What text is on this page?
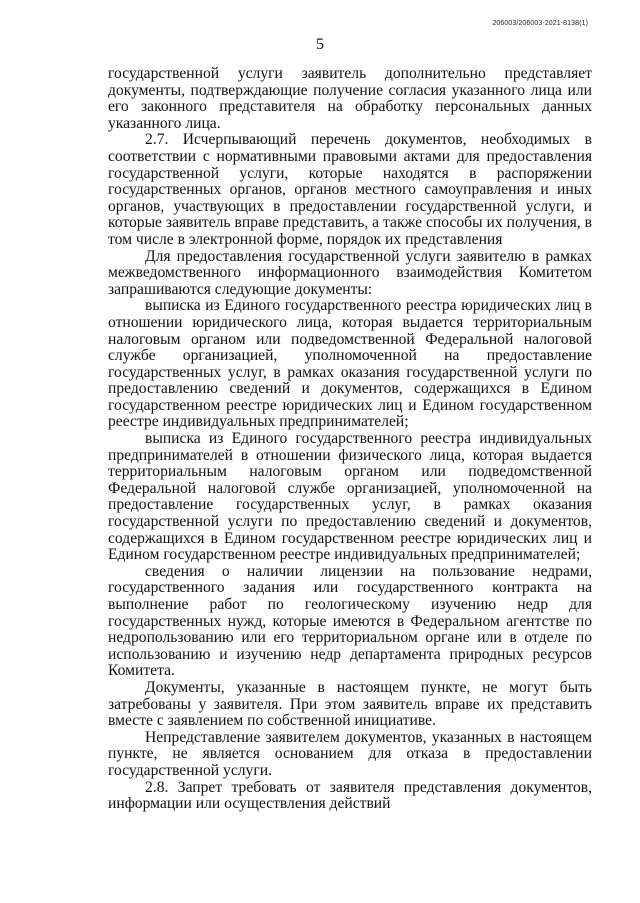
206003/206003-2021-8138(1)
5

государственной услуги заявитель дополнительно представляет документы, подтверждающие получение согласия указанного лица или его законного представителя на обработку персональных данных указанного лица.

2.7. Исчерпывающий перечень документов, необходимых в соответствии с нормативными правовыми актами для предоставления государственной услуги, которые находятся в распоряжении государственных органов, органов местного самоуправления и иных органов, участвующих в предоставлении государственной услуги, и которые заявитель вправе представить, а также способы их получения, в том числе в электронной форме, порядок их представления

Для предоставления государственной услуги заявителю в рамках межведомственного информационного взаимодействия Комитетом запрашиваются следующие документы:

выписка из Единого государственного реестра юридических лиц в отношении юридического лица, которая выдается территориальным налоговым органом или подведомственной Федеральной налоговой службе организацией, уполномоченной на предоставление государственных услуг, в рамках оказания государственной услуги по предоставлению сведений и документов, содержащихся в Едином государственном реестре юридических лиц и Едином государственном реестре индивидуальных предпринимателей;

выписка из Единого государственного реестра индивидуальных предпринимателей в отношении физического лица, которая выдается территориальным налоговым органом или подведомственной Федеральной налоговой службе организацией, уполномоченной на предоставление государственных услуг, в рамках оказания государственной услуги по предоставлению сведений и документов, содержащихся в Едином государственном реестре юридических лиц и Едином государственном реестре индивидуальных предпринимателей;

сведения о наличии лицензии на пользование недрами, государственного задания или государственного контракта на выполнение работ по геологическому изучению недр для государственных нужд, которые имеются в Федеральном агентстве по недропользованию или его территориальном органе или в отделе по использованию и изучению недр департамента природных ресурсов Комитета.

Документы, указанные в настоящем пункте, не могут быть затребованы у заявителя. При этом заявитель вправе их представить вместе с заявлением по собственной инициативе.

Непредставление заявителем документов, указанных в настоящем пункте, не является основанием для отказа в предоставлении государственной услуги.

2.8. Запрет требовать от заявителя представления документов, информации или осуществления действий
